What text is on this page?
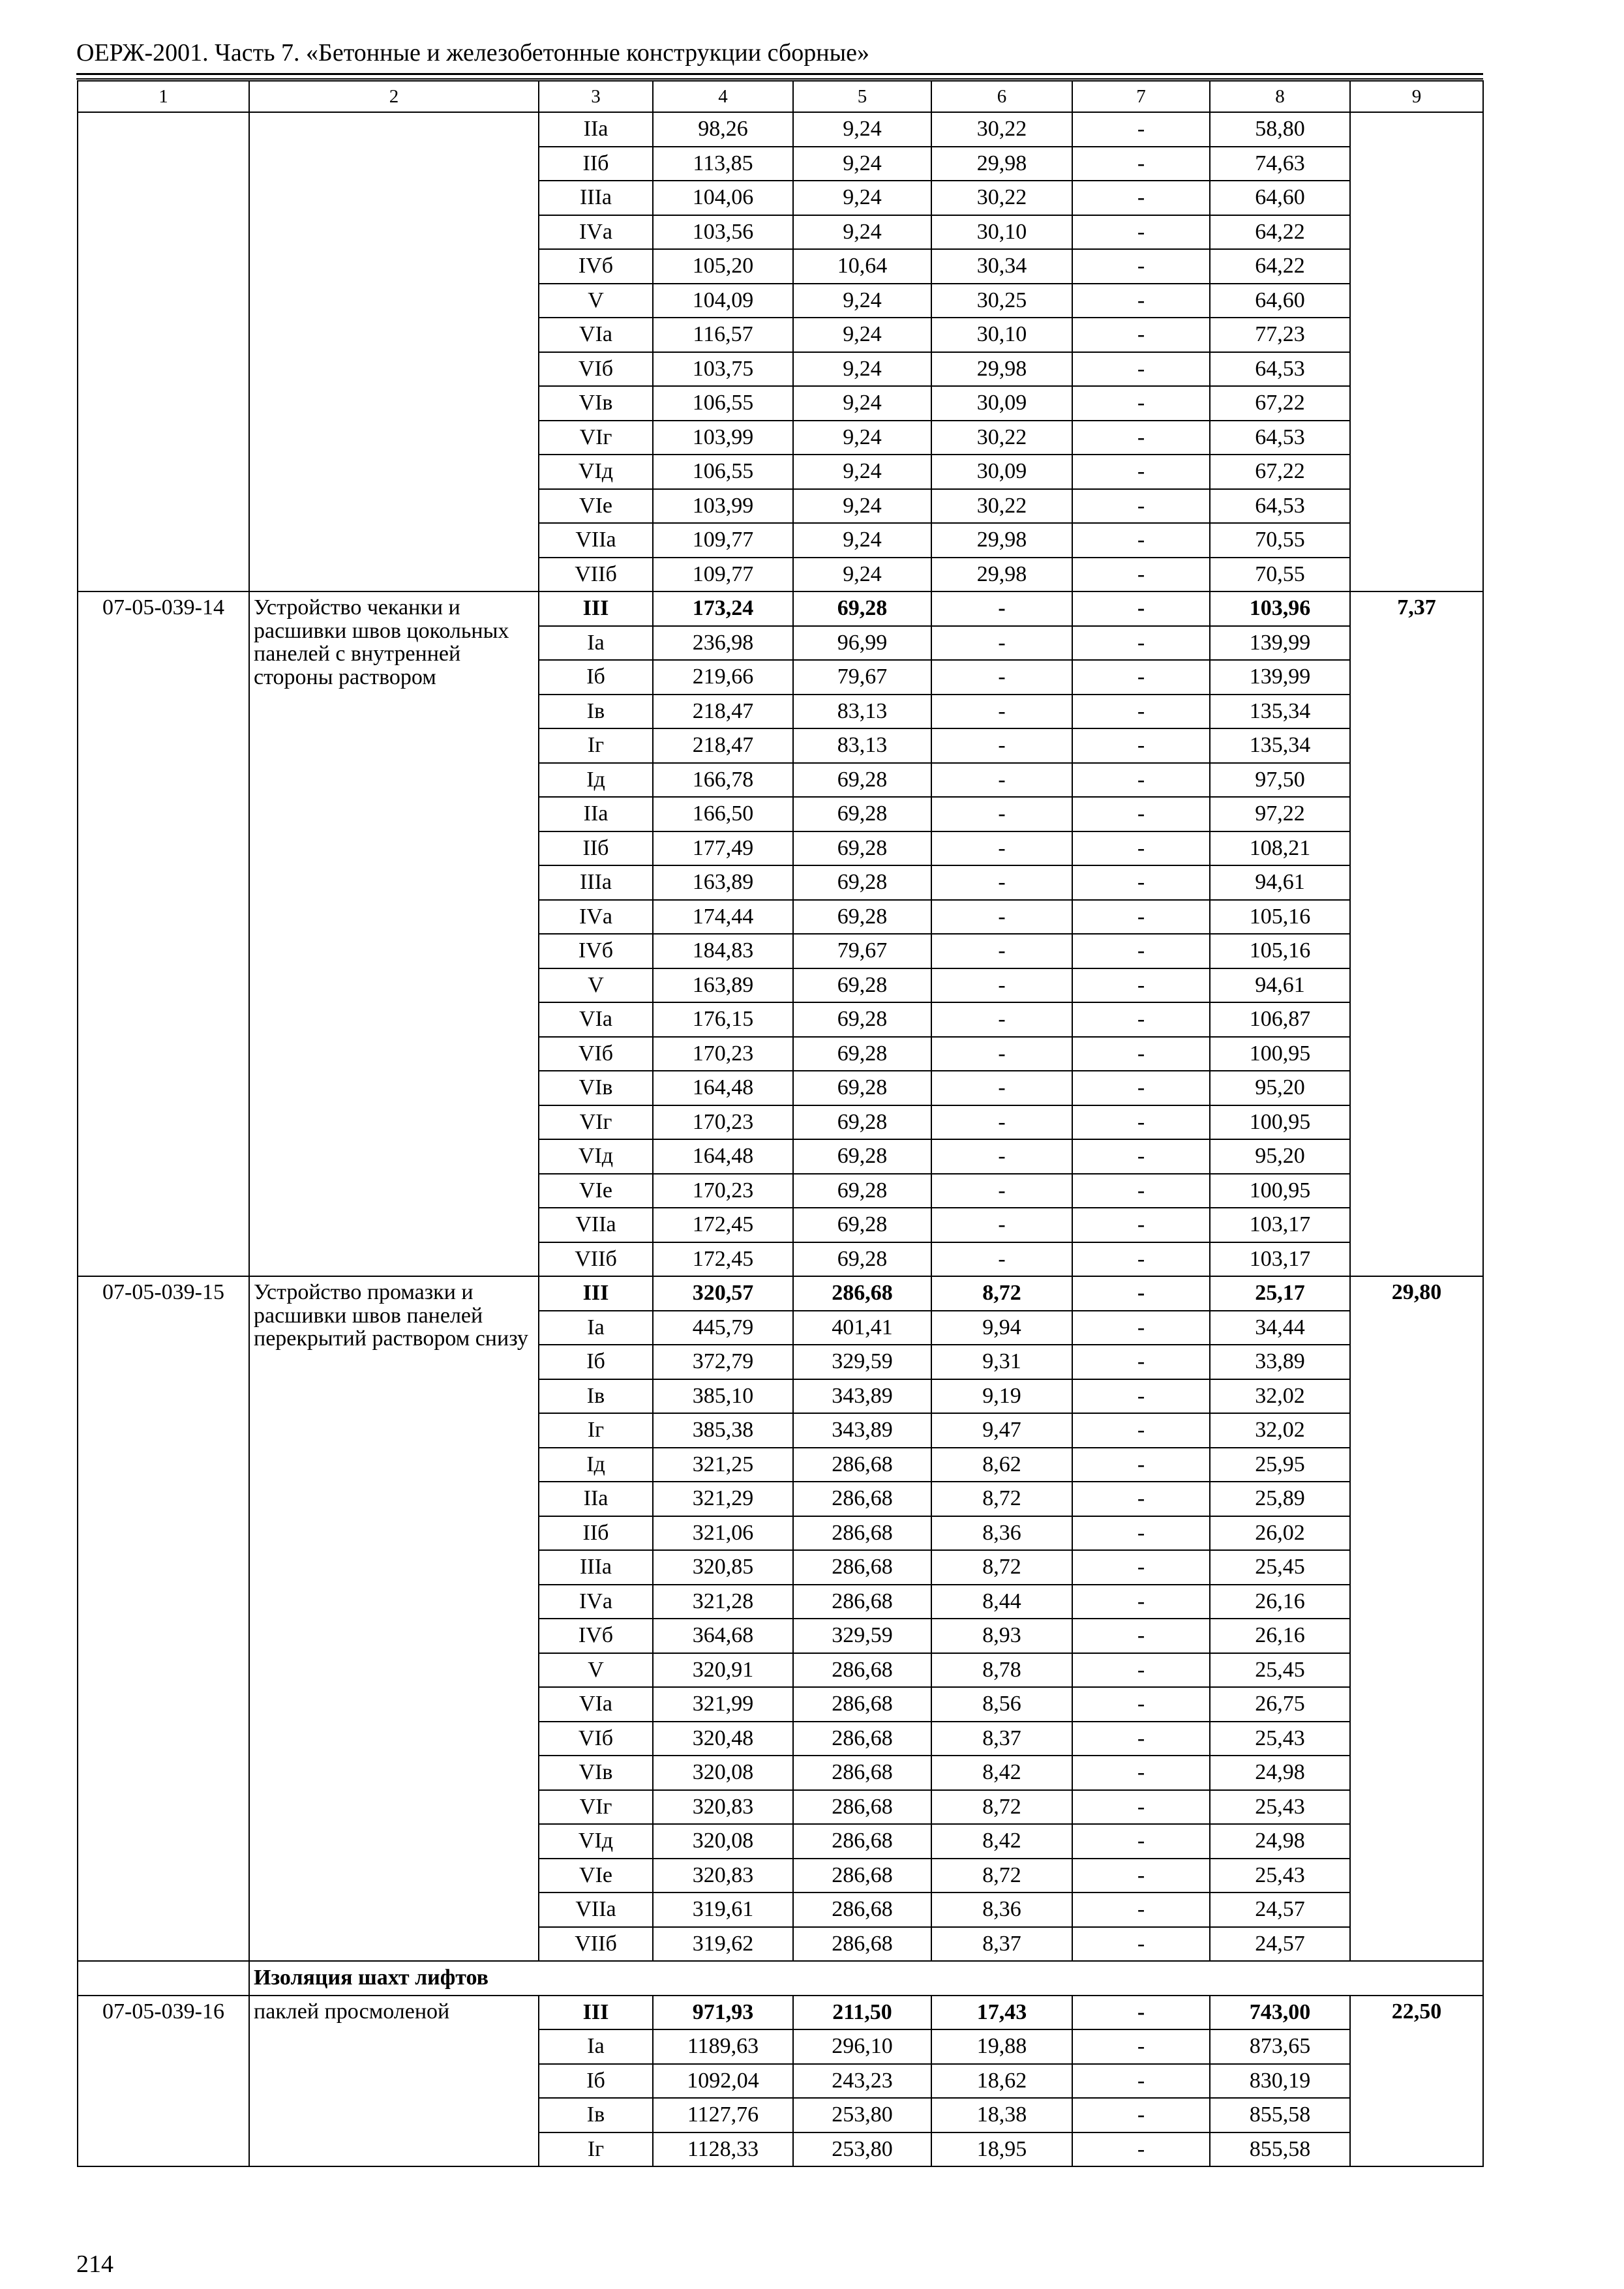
ОЕРЖ-2001. Часть 7. «Бетонные и железобетонные конструкции сборные»
1	2	3	4	5	6	7	8	9
		IIа	98,26	9,24	30,22	-	58,80	
		IIб	113,85	9,24	29,98	-	74,63	
		IIIа	104,06	9,24	30,22	-	64,60	
		IVа	103,56	9,24	30,10	-	64,22	
		IVб	105,20	10,64	30,34	-	64,22	
		V	104,09	9,24	30,25	-	64,60	
		VIа	116,57	9,24	30,10	-	77,23	
		VIб	103,75	9,24	29,98	-	64,53	
		VIв	106,55	9,24	30,09	-	67,22	
		VIг	103,99	9,24	30,22	-	64,53	
		VIд	106,55	9,24	30,09	-	67,22	
		VIе	103,99	9,24	30,22	-	64,53	
		VIIа	109,77	9,24	29,98	-	70,55	
		VIIб	109,77	9,24	29,98	-	70,55	
07-05-039-14	Устройство чеканки и расшивки швов цокольных панелей с внутренней стороны раствором	III	173,24	69,28	-	-	103,96	7,37
		Iа	236,98	96,99	-	-	139,99	
		Iб	219,66	79,67	-	-	139,99	
		Iв	218,47	83,13	-	-	135,34	
		Iг	218,47	83,13	-	-	135,34	
		Iд	166,78	69,28	-	-	97,50	
		IIа	166,50	69,28	-	-	97,22	
		IIб	177,49	69,28	-	-	108,21	
		IIIа	163,89	69,28	-	-	94,61	
		IVа	174,44	69,28	-	-	105,16	
		IVб	184,83	79,67	-	-	105,16	
		V	163,89	69,28	-	-	94,61	
		VIа	176,15	69,28	-	-	106,87	
		VIб	170,23	69,28	-	-	100,95	
		VIв	164,48	69,28	-	-	95,20	
		VIг	170,23	69,28	-	-	100,95	
		VIд	164,48	69,28	-	-	95,20	
		VIе	170,23	69,28	-	-	100,95	
		VIIа	172,45	69,28	-	-	103,17	
		VIIб	172,45	69,28	-	-	103,17	
07-05-039-15	Устройство промазки и расшивки швов панелей перекрытий раствором снизу	III	320,57	286,68	8,72	-	25,17	29,80
		Iа	445,79	401,41	9,94	-	34,44	
		Iб	372,79	329,59	9,31	-	33,89	
		Iв	385,10	343,89	9,19	-	32,02	
		Iг	385,38	343,89	9,47	-	32,02	
		Iд	321,25	286,68	8,62	-	25,95	
		IIа	321,29	286,68	8,72	-	25,89	
		IIб	321,06	286,68	8,36	-	26,02	
		IIIа	320,85	286,68	8,72	-	25,45	
		IVа	321,28	286,68	8,44	-	26,16	
		IVб	364,68	329,59	8,93	-	26,16	
		V	320,91	286,68	8,78	-	25,45	
		VIа	321,99	286,68	8,56	-	26,75	
		VIб	320,48	286,68	8,37	-	25,43	
		VIв	320,08	286,68	8,42	-	24,98	
		VIг	320,83	286,68	8,72	-	25,43	
		VIд	320,08	286,68	8,42	-	24,98	
		VIе	320,83	286,68	8,72	-	25,43	
		VIIа	319,61	286,68	8,36	-	24,57	
		VIIб	319,62	286,68	8,37	-	24,57	
	Изоляция шахт лифтов							
07-05-039-16	паклей просмоленой	III	971,93	211,50	17,43	-	743,00	22,50
		Iа	1189,63	296,10	19,88	-	873,65	
		Iб	1092,04	243,23	18,62	-	830,19	
		Iв	1127,76	253,80	18,38	-	855,58	
		Iг	1128,33	253,80	18,95	-	855,58	
214
